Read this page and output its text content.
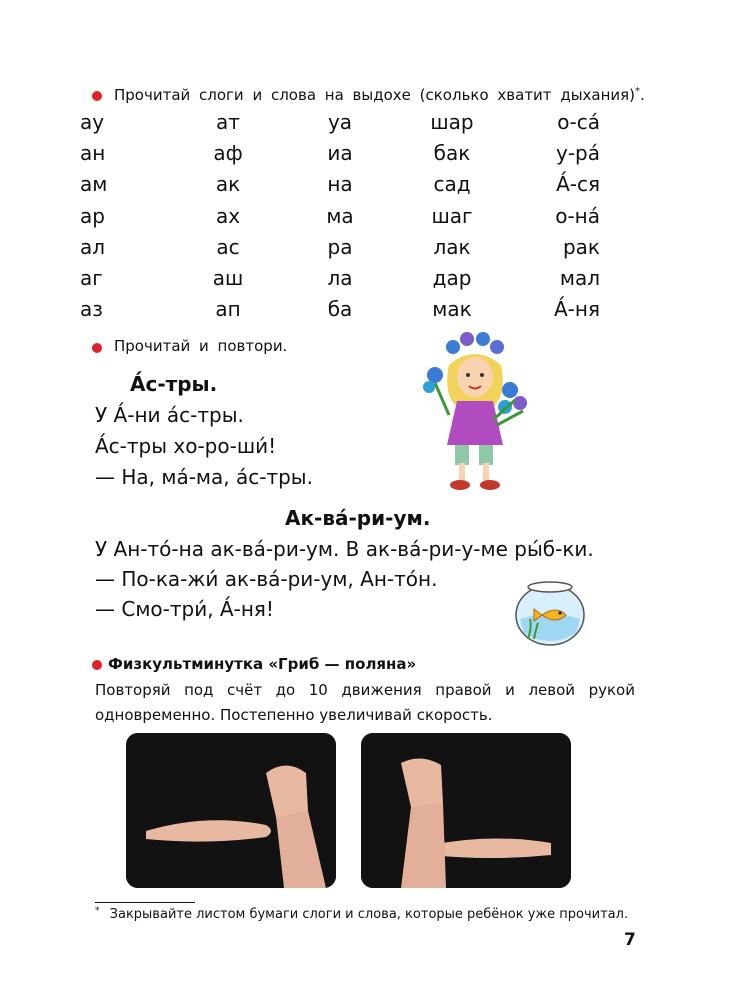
Прочитай слоги и слова на выдохе (сколько хватит дыхания)*.
ау	ат	уа	шар	о-са́
ан	аф	иа	бак	у-ра́
ам	ак	на	сад	А́-ся
ар	ах	ма	шаг	о-на́
ал	ас	ра	лак	рак
аг	аш	ла	дар	мал
аз	ап	ба	мак	А́-ня
Прочитай и повтори.
А́с-тры.
У А́-ни а́с-тры.
А́с-тры хо-ро-ши́!
— На, ма́-ма, а́с-тры.
Ак-ва́-ри-ум.
У Ан-то́-на ак-ва́-ри-ум. В ак-ва́-ри-у-ме ры́б-ки.
— По-ка-жи́ ак-ва́-ри-ум, Ан-то́н.
— Смо-три́, А́-ня!
Физкультминутка «Гриб — поляна»
Повторяй под счёт до 10 движения правой и левой рукой одновременно. Постепенно увеличивай скорость.
* Закрывайте листом бумаги слоги и слова, которые ребёнок уже прочитал.
7
